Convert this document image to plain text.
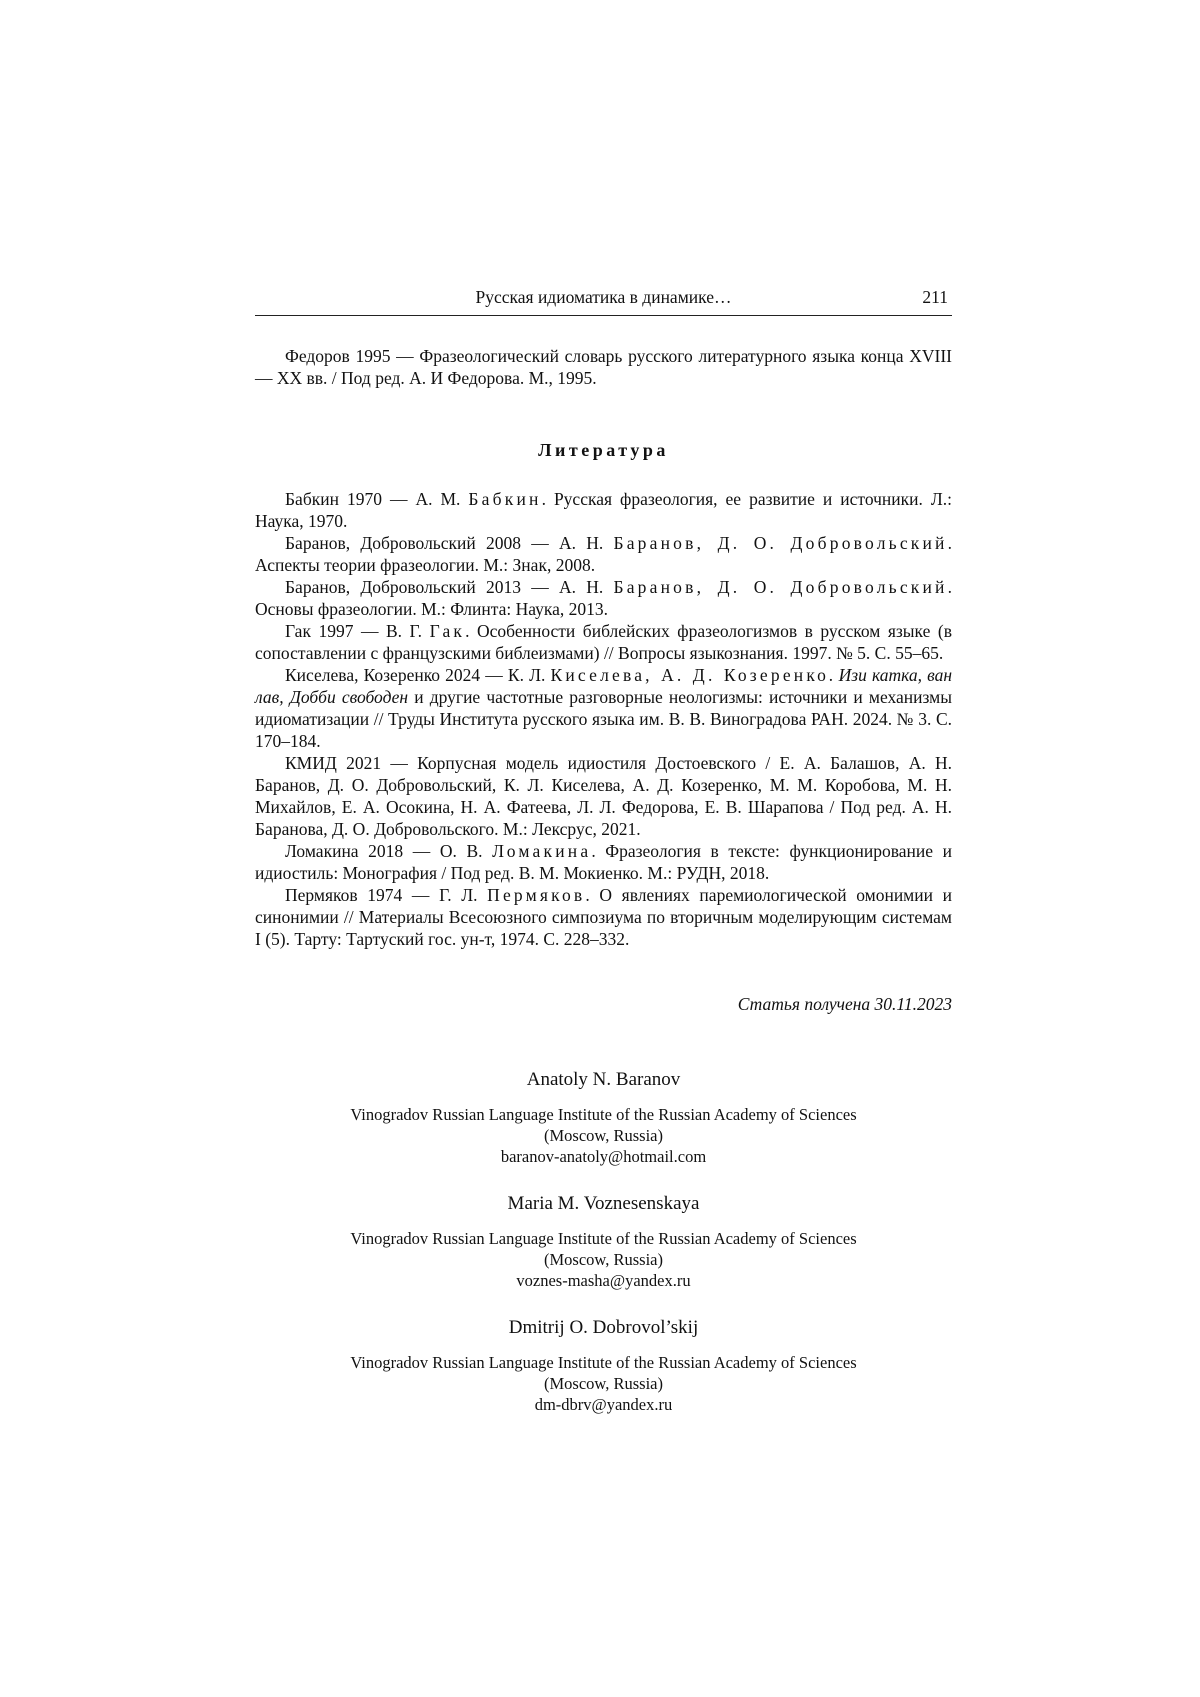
Русская идиоматика в динамике…	211

Федоров 1995 — Фразеологический словарь русского литературного языка конца XVIII — XX вв. / Под ред. А. И Федорова. М., 1995.

Литература

Бабкин 1970 — А. М. Бабкин. Русская фразеология, ее развитие и источники. Л.: Наука, 1970.

Баранов, Добровольский 2008 — А. Н. Баранов, Д. О. Добровольский. Аспекты теории фразеологии. М.: Знак, 2008.

Баранов, Добровольский 2013 — А. Н. Баранов, Д. О. Добровольский. Основы фразеологии. М.: Флинта: Наука, 2013.

Гак 1997 — В. Г. Гак. Особенности библейских фразеологизмов в русском языке (в сопоставлении с французскими библеизмами) // Вопросы языкознания. 1997. № 5. С. 55–65.

Киселева, Козеренко 2024 — К. Л. Киселева, А. Д. Козеренко. Изи катка, ван лав, Добби свободен и другие частотные разговорные неологизмы: источники и механизмы идиоматизации // Труды Института русского языка им. В. В. Виноградова РАН. 2024. № 3. С. 170–184.

КМИД 2021 — Корпусная модель идиостиля Достоевского / Е. А. Балашов, А. Н. Баранов, Д. О. Добровольский, К. Л. Киселева, А. Д. Козеренко, М. М. Коробова, М. Н. Михайлов, Е. А. Осокина, Н. А. Фатеева, Л. Л. Федорова, Е. В. Шарапова / Под ред. А. Н. Баранова, Д. О. Добровольского. М.: Лексрус, 2021.

Ломакина 2018 — О. В. Ломакина. Фразеология в тексте: функционирование и идиостиль: Монография / Под ред. В. М. Мокиенко. М.: РУДН, 2018.

Пермяков 1974 — Г. Л. Пермяков. О явлениях паремиологической омонимии и синонимии // Материалы Всесоюзного симпозиума по вторичным моделирующим системам I (5). Тарту: Тартуский гос. ун-т, 1974. С. 228–332.

Статья получена 30.11.2023
Anatoly N. Baranov
Vinogradov Russian Language Institute of the Russian Academy of Sciences
(Moscow, Russia)
baranov-anatoly@hotmail.com
Maria M. Voznesenskaya
Vinogradov Russian Language Institute of the Russian Academy of Sciences
(Moscow, Russia)
voznes-masha@yandex.ru
Dmitrij O. Dobrovol’skij
Vinogradov Russian Language Institute of the Russian Academy of Sciences
(Moscow, Russia)
dm-dbrv@yandex.ru
